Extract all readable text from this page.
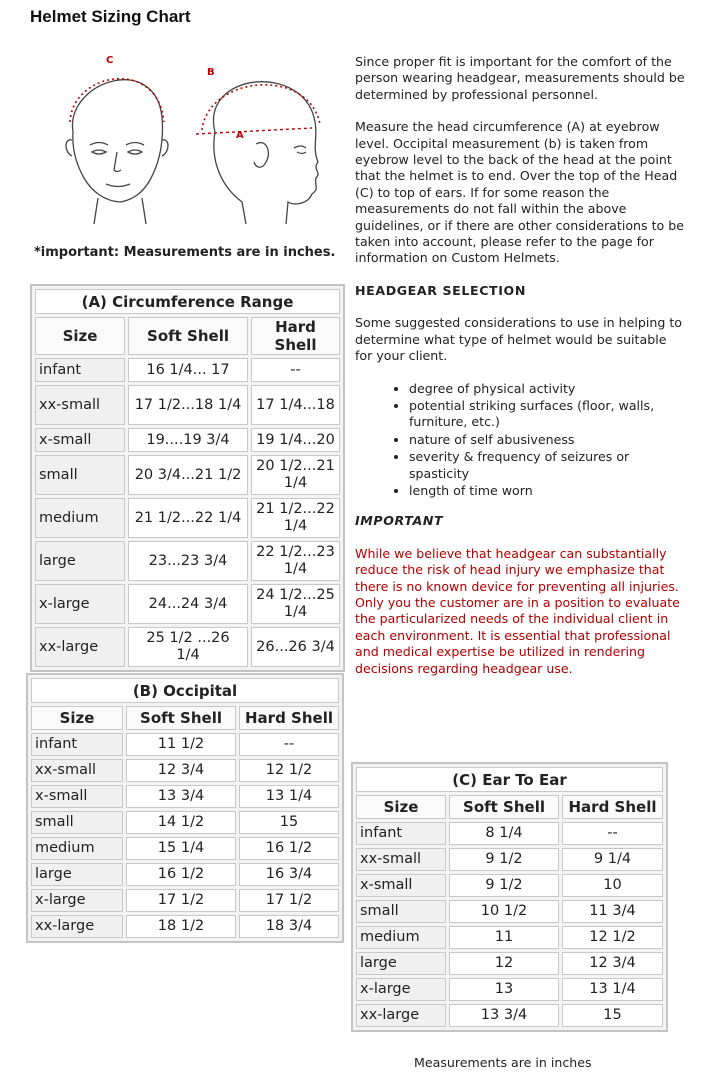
Helmet Sizing Chart
C
B
A
*important: Measurements are in inches.

Since proper fit is important for the comfort of the person wearing headgear, measurements should be determined by professional personnel.

Measure the head circumference (A) at eyebrow level. Occipital measurement (b) is taken from eyebrow level to the back of the head at the point that the helmet is to end. Over the top of the Head (C) to top of ears. If for some reason the measurements do not fall within the above guidelines, or if there are other considerations to be taken into account, please refer to the page for information on Custom Helmets.

HEADGEAR SELECTION

Some suggested considerations to use in helping to determine what type of helmet would be suitable for your client.

• degree of physical activity
• potential striking surfaces (floor, walls, furniture, etc.)
• nature of self abusiveness
• severity & frequency of seizures or spasticity
• length of time worn
IMPORTANT

While we believe that headgear can substantially reduce the risk of head injury we emphasize that there is no known device for preventing all injuries. Only you the customer are in a position to evaluate the particularized needs of the individual client in each environment. It is essential that professional and medical expertise be utilized in rendering decisions regarding headgear use.

(A) Circumference Range		
Size	Soft Shell	Hard Shell
infant	16 1/4... 17	--
xx-small	17 1/2...18 1/4	17 1/4...18
x-small	19....19 3/4	19 1/4...20
small	20 3/4...21 1/2	20 1/2...21 1/4
medium	21 1/2...22 1/4	21 1/2...22 1/4
large	23...23 3/4	22 1/2...23 1/4
x-large	24...24 3/4	24 1/2...25 1/4
xx-large	25 1/2 ...26 1/4	26...26 3/4
(B) Occipital		
Size	Soft Shell	Hard Shell
infant	11 1/2	--
xx-small	12 3/4	12 1/2
x-small	13 3/4	13 1/4
small	14 1/2	15
medium	15 1/4	16 1/2
large	16 1/2	16 3/4
x-large	17 1/2	17 1/2
xx-large	18 1/2	18 3/4
(C) Ear To Ear		
Size	Soft Shell	Hard Shell
infant	8 1/4	--
xx-small	9 1/2	9 1/4
x-small	9 1/2	10
small	10 1/2	11 3/4
medium	11	12 1/2
large	12	12 3/4
x-large	13	13 1/4
xx-large	13 3/4	15
Measurements are in inches
